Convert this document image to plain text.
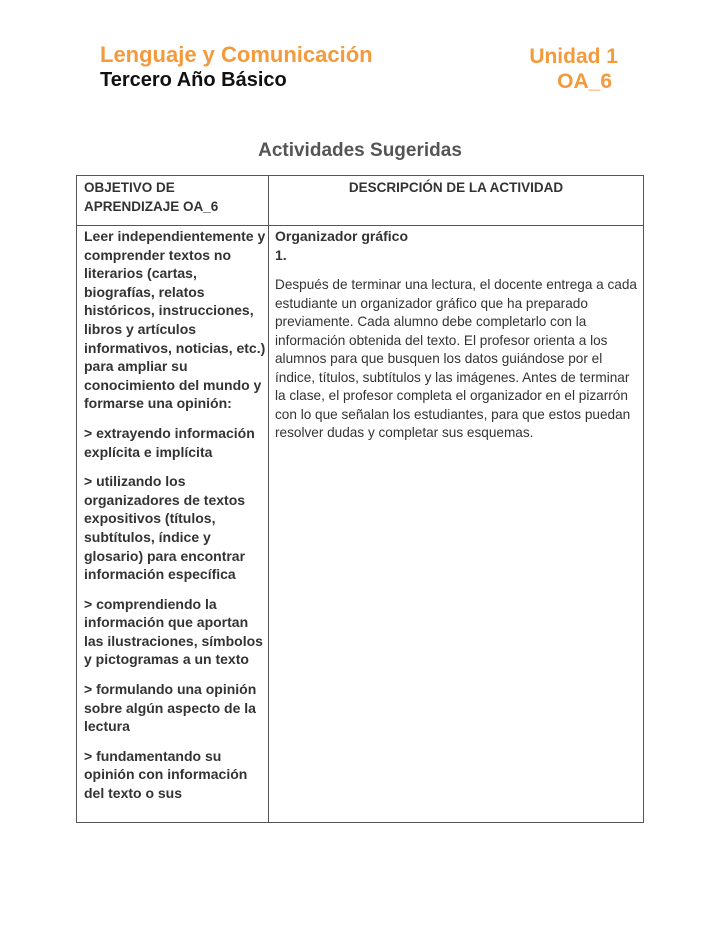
Lenguaje y Comunicación
Tercero Año Básico
Unidad 1
OA_6
Actividades Sugeridas
OBJETIVO DE APRENDIZAJE OA_6
DESCRIPCIÓN DE LA ACTIVIDAD

Leer independientemente y comprender textos no literarios (cartas, biografías, relatos históricos, instrucciones, libros y artículos informativos, noticias, etc.) para ampliar su conocimiento del mundo y formarse una opinión:

> extrayendo información explícita e implícita

> utilizando los organizadores de textos expositivos (títulos, subtítulos, índice y glosario) para encontrar información específica

> comprendiendo la información que aportan las ilustraciones, símbolos y pictogramas a un texto

> formulando una opinión sobre algún aspecto de la lectura

> fundamentando su opinión con información del texto o sus

Organizador gráfico
1.

Después de terminar una lectura, el docente entrega a cada estudiante un organizador gráfico que ha preparado previamente. Cada alumno debe completarlo con la información obtenida del texto. El profesor orienta a los alumnos para que busquen los datos guiándose por el índice, títulos, subtítulos y las imágenes. Antes de terminar la clase, el profesor completa el organizador en el pizarrón con lo que señalan los estudiantes, para que estos puedan resolver dudas y completar sus esquemas.
